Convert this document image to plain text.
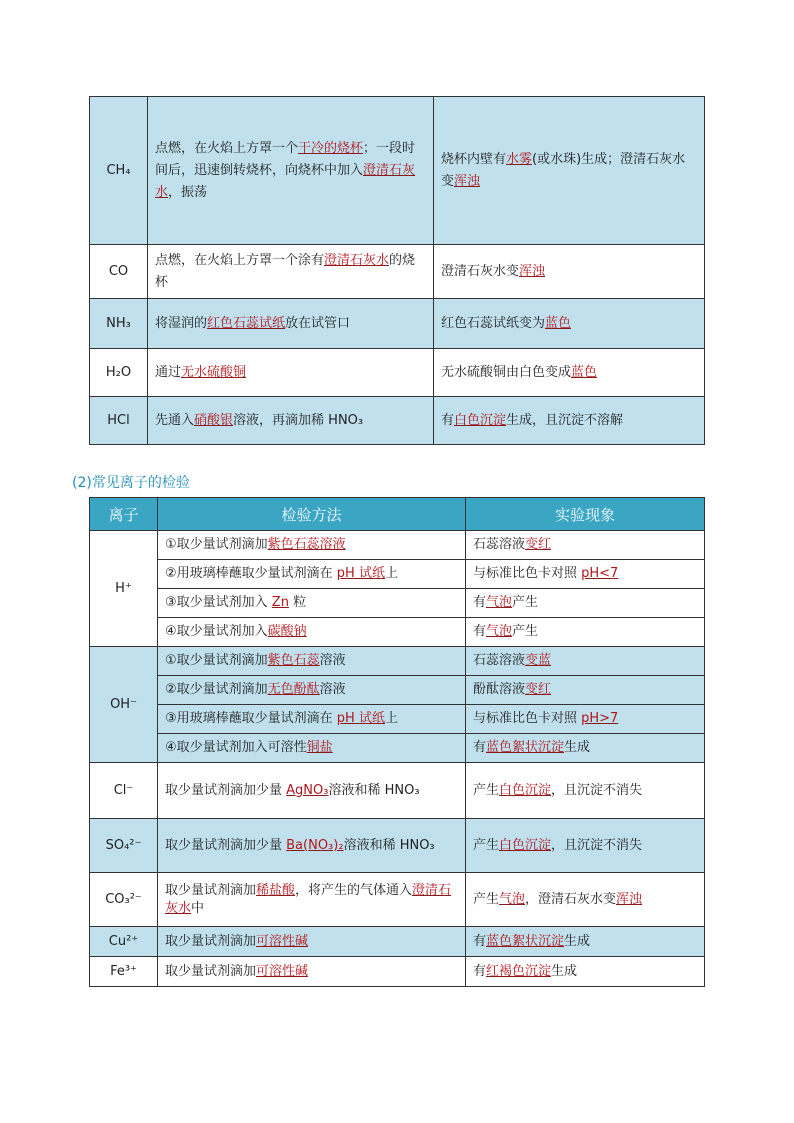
CH₄	点燃，在火焰上方罩一个干冷的烧杯；一段时间后，迅速倒转烧杯，向烧杯中加入澄清石灰水，振荡	烧杯内壁有水雾(或水珠)生成；澄清石灰水变浑浊
CO	点燃，在火焰上方罩一个涂有澄清石灰水的烧杯	澄清石灰水变浑浊
NH₃	将湿润的红色石蕊试纸放在试管口	红色石蕊试纸变为蓝色
H₂O	通过无水硫酸铜	无水硫酸铜由白色变成蓝色
HCl	先通入硝酸银溶液，再滴加稀 HNO₃	有白色沉淀生成，且沉淀不溶解
(2)常见离子的检验
离子	检验方法	实验现象
H⁺	①取少量试剂滴加紫色石蕊溶液	石蕊溶液变红
	②用玻璃棒蘸取少量试剂滴在 pH 试纸上	与标准比色卡对照 pH<7
	③取少量试剂加入 Zn 粒	有气泡产生
	④取少量试剂加入碳酸钠	有气泡产生
OH⁻	①取少量试剂滴加紫色石蕊溶液	石蕊溶液变蓝
	②取少量试剂滴加无色酚酞溶液	酚酞溶液变红
	③用玻璃棒蘸取少量试剂滴在 pH 试纸上	与标准比色卡对照 pH>7
	④取少量试剂加入可溶性铜盐	有蓝色絮状沉淀生成
Cl⁻	取少量试剂滴加少量 AgNO₃溶液和稀 HNO₃	产生白色沉淀，且沉淀不消失
SO₄²⁻	取少量试剂滴加少量 Ba(NO₃)₂溶液和稀 HNO₃	产生白色沉淀，且沉淀不消失
CO₃²⁻	取少量试剂滴加稀盐酸，将产生的气体通入澄清石灰水中	产生气泡，澄清石灰水变浑浊
Cu²⁺	取少量试剂滴加可溶性碱	有蓝色絮状沉淀生成
Fe³⁺	取少量试剂滴加可溶性碱	有红褐色沉淀生成
